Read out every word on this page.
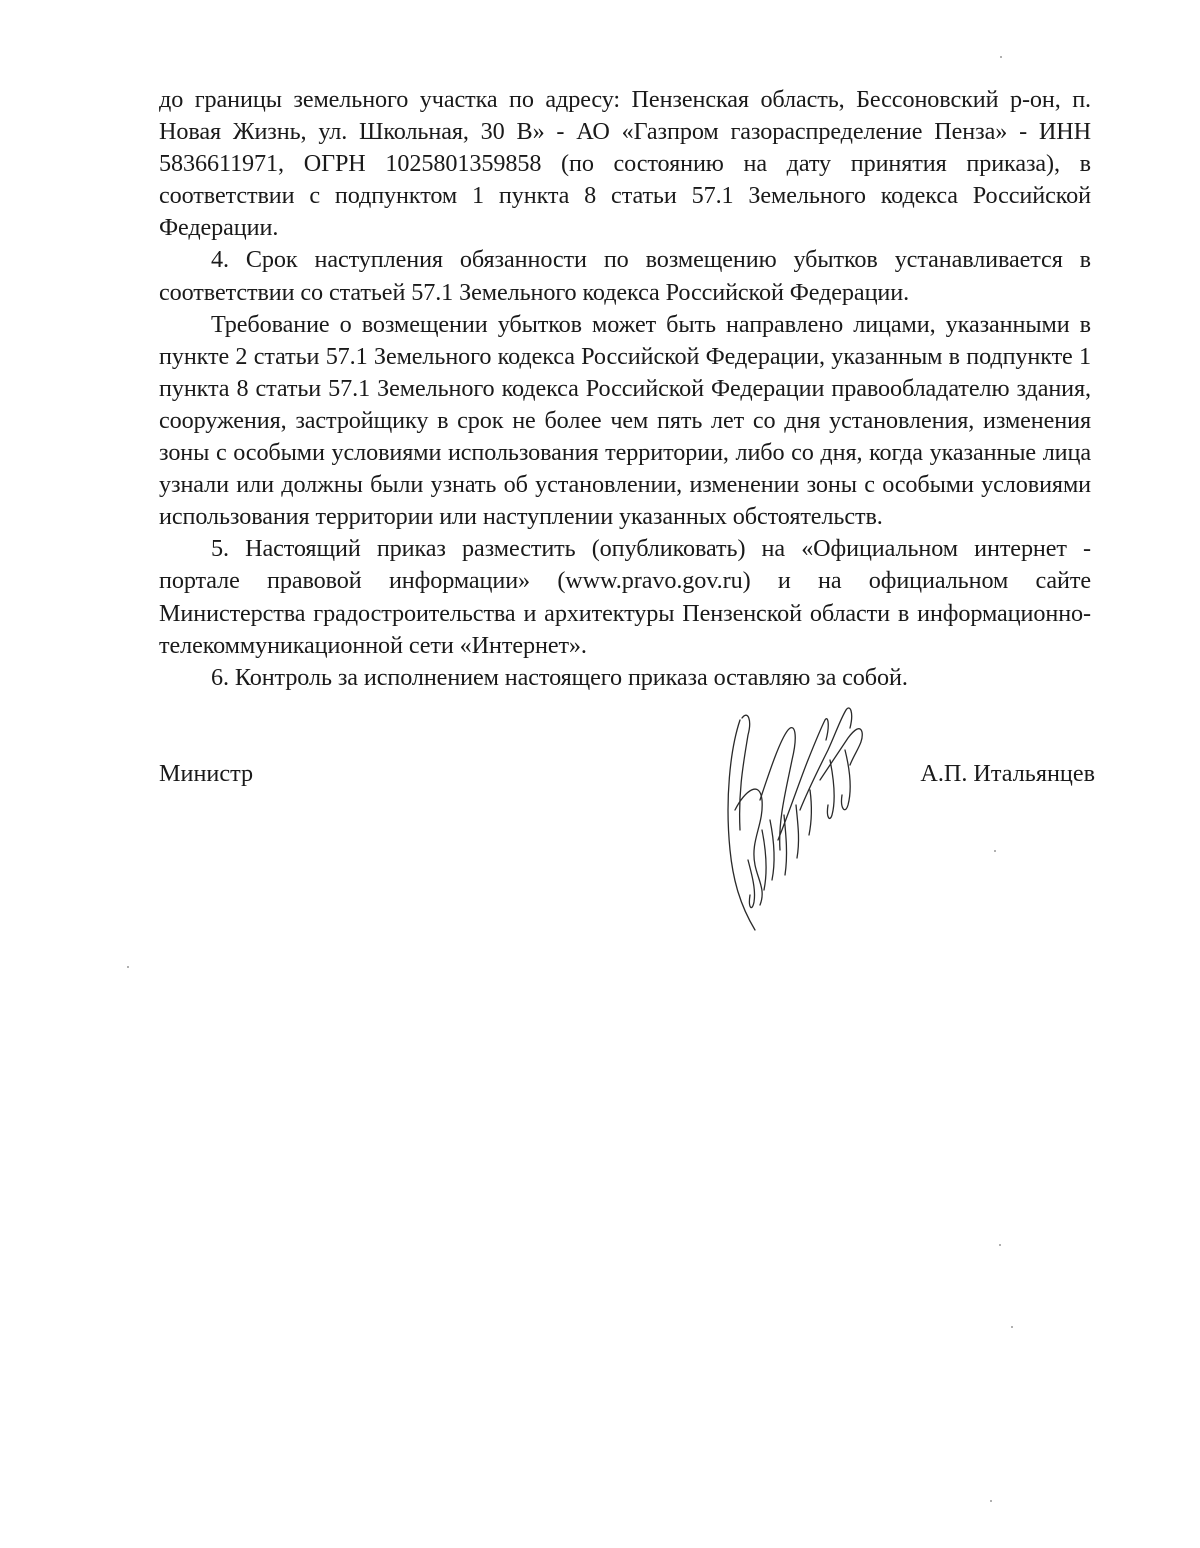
до границы земельного участка по адресу: Пензенская область, Бессоновский р-он, п. Новая Жизнь, ул. Школьная, 30 В» - АО «Газпром газораспределение Пенза» - ИНН 5836611971, ОГРН 1025801359858 (по состоянию на дату принятия приказа), в соответствии с подпунктом 1 пункта 8 статьи 57.1 Земельного кодекса Российской Федерации.

4. Срок наступления обязанности по возмещению убытков устанавливается в соответствии со статьей 57.1 Земельного кодекса Российской Федерации.

Требование о возмещении убытков может быть направлено лицами, указанными в пункте 2 статьи 57.1 Земельного кодекса Российской Федерации, указанным в подпункте 1 пункта 8 статьи 57.1 Земельного кодекса Российской Федерации правообладателю здания, сооружения, застройщику в срок не более чем пять лет со дня установления, изменения зоны с особыми условиями использования территории, либо со дня, когда указанные лица узнали или должны были узнать об установлении, изменении зоны с особыми условиями использования территории или наступлении указанных обстоятельств.

5. Настоящий приказ разместить (опубликовать) на «Официальном интернет - портале правовой информации» (www.pravo.gov.ru) и на официальном сайте Министерства градостроительства и архитектуры Пензенской области в информационно-телекоммуникационной сети «Интернет».

6. Контроль за исполнением настоящего приказа оставляю за собой.

Министр	А.П. Итальянцев
